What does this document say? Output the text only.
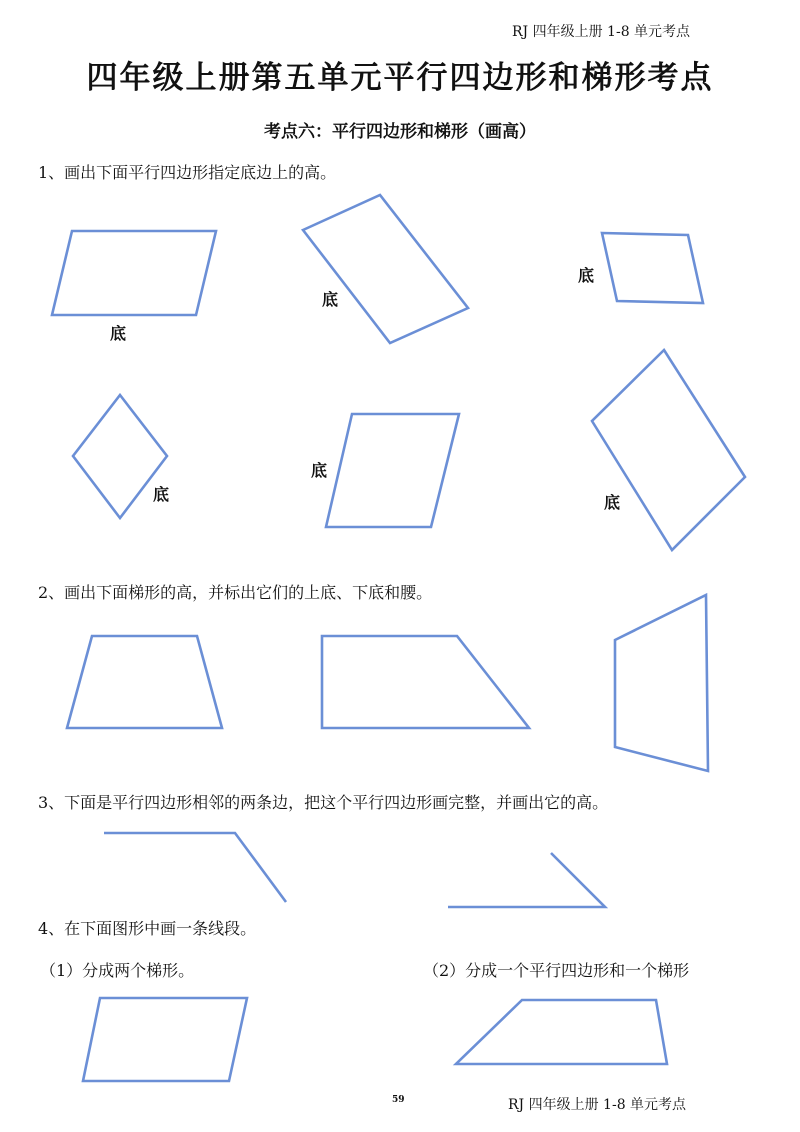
RJ 四年级上册 1-8 单元考点
四年级上册第五单元平行四边形和梯形考点
考点六：平行四边形和梯形（画高）
1、画出下面平行四边形指定底边上的高。
2、画出下面梯形的高，并标出它们的上底、下底和腰。
3、下面是平行四边形相邻的两条边，把这个平行四边形画完整，并画出它的高。
4、在下面图形中画一条线段。
（1）分成两个梯形。	（2）分成一个平行四边形和一个梯形
底
底
底
底
底
底
59	RJ 四年级上册 1-8 单元考点
